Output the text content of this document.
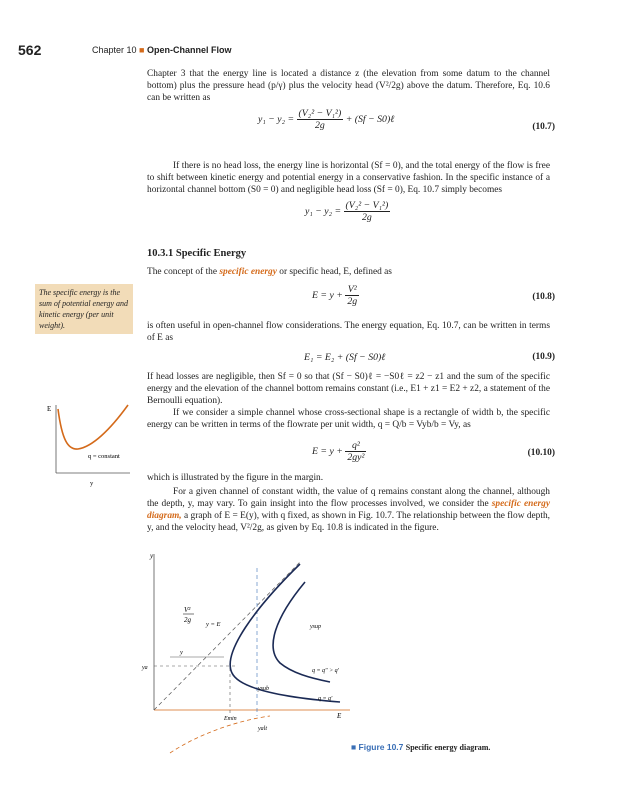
562	Chapter 10 ■ Open-Channel Flow
Chapter 3 that the energy line is located a distance z (the elevation from some datum to the channel bottom) plus the pressure head (p/γ) plus the velocity head (V²/2g) above the datum. Therefore, Eq. 10.6 can be written as
$y_1 - y_2 = \frac{\text{(V₂² − V₁²)}}{2g} + (Sf$ − S0)ℓ
(10.7)
If there is no head loss, the energy line is horizontal (Sf = 0), and the total energy of the flow is free to shift between kinetic energy and potential energy in a conservative fashion. In the specific instance of a horizontal channel bottom (S0 = 0) and negligible head loss (Sf = 0), Eq. 10.7 simply becomes
$y_1 - y_2 = \frac{\text{(V₂² − V₁²)}}{2g}$
10.3.1 Specific Energy
The concept of the specific energy or specific head, E, defined as
The specific energy is the sum of potential energy and kinetic energy (per unit weight).
$E = y + \frac{\text{V²}}{2g}$	(10.8)
is often useful in open-channel flow considerations. The energy equation, Eq. 10.7, can be written in terms of E as
E₁ = E₂ + (Sf − S0)ℓ	(10.9)
If head losses are negligible, then Sf = 0 so that (Sf − S0)ℓ = −S0ℓ = z2 − z1 and the sum of the specific energy and the elevation of the channel bottom remains constant (i.e., E1 + z1 = E2 + z2, a statement of the Bernoulli equation).
If we consider a simple channel whose cross-sectional shape is a rectangle of width b, the specific energy can be written in terms of the flowrate per unit width, q = Q/b = Vyb/b = Vy, as
$E = y + \frac{\text{q²}}{\text{2gy²}}$	(10.10)
which is illustrated by the figure in the margin.
For a given channel of constant width, the value of q remains constant along the channel, although the depth, y, may vary. To gain insight into the flow processes involved, we consider the specific energy diagram, a graph of E = E(y), with q fixed, as shown in Fig. 10.7. The relationship between the flow depth, y, and the velocity head, V²/2g, as given by Eq. 10.8 is indicated in the figure.
E
y
q = constant
y
E
V²
2g
y = E	ysup
ysub
yalt
y
ya
Emin
q = q" > q'
q = q'
■ Figure 10.7 Specific energy diagram.
